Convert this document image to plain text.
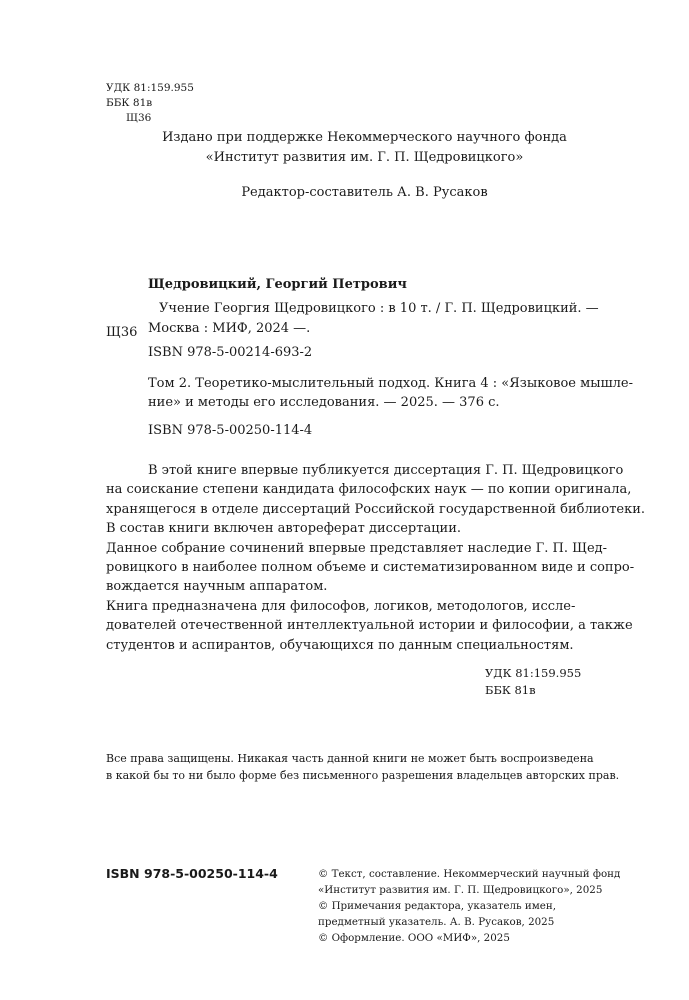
УДК 81:159.955
ББК 81в
Щ36
Издано при поддержке Некоммерческого научного фонда
«Институт развития им. Г. П. Щедровицкого»
Редактор-составитель А. В. Русаков
Щедровицкий, Георгий Петрович
Учение Георгия Щедровицкого : в 10 т. / Г. П. Щедровицкий. —
Москва : МИФ, 2024 —.
Щ36
ISBN 978-5-00214-693-2
Том 2. Теоретико-мыслительный подход. Книга 4 : «Языковое мышле-
ние» и методы его исследования. — 2025. — 376 с.
ISBN 978-5-00250-114-4

В этой книге впервые публикуется диссертация Г. П. Щедровицкого

на соискание степени кандидата философских наук — по копии оригинала,

хранящегося в отделе диссертаций Российской государственной библиотеки.

В состав книги включен автореферат диссертации.

Данное собрание сочинений впервые представляет наследие Г. П. Щед-

ровицкого в наиболее полном объеме и систематизированном виде и сопро-

вождается научным аппаратом.

Книга предназначена для философов, логиков, методологов, иссле-

дователей отечественной интеллектуальной истории и философии, а также

студентов и аспирантов, обучающихся по данным специальностям.

УДК 81:159.955
ББК 81в
Все права защищены. Никакая часть данной книги не может быть воспроизведена
в какой бы то ни было форме без письменного разрешения владельцев авторских прав.
ISBN 978-5-00250-114-4	© Текст, составление. Некоммерческий научный фонд
«Институт развития им. Г. П. Щедровицкого», 2025
© Примечания редактора, указатель имен,
предметный указатель. А. В. Русаков, 2025
© Оформление. ООО «МИФ», 2025
